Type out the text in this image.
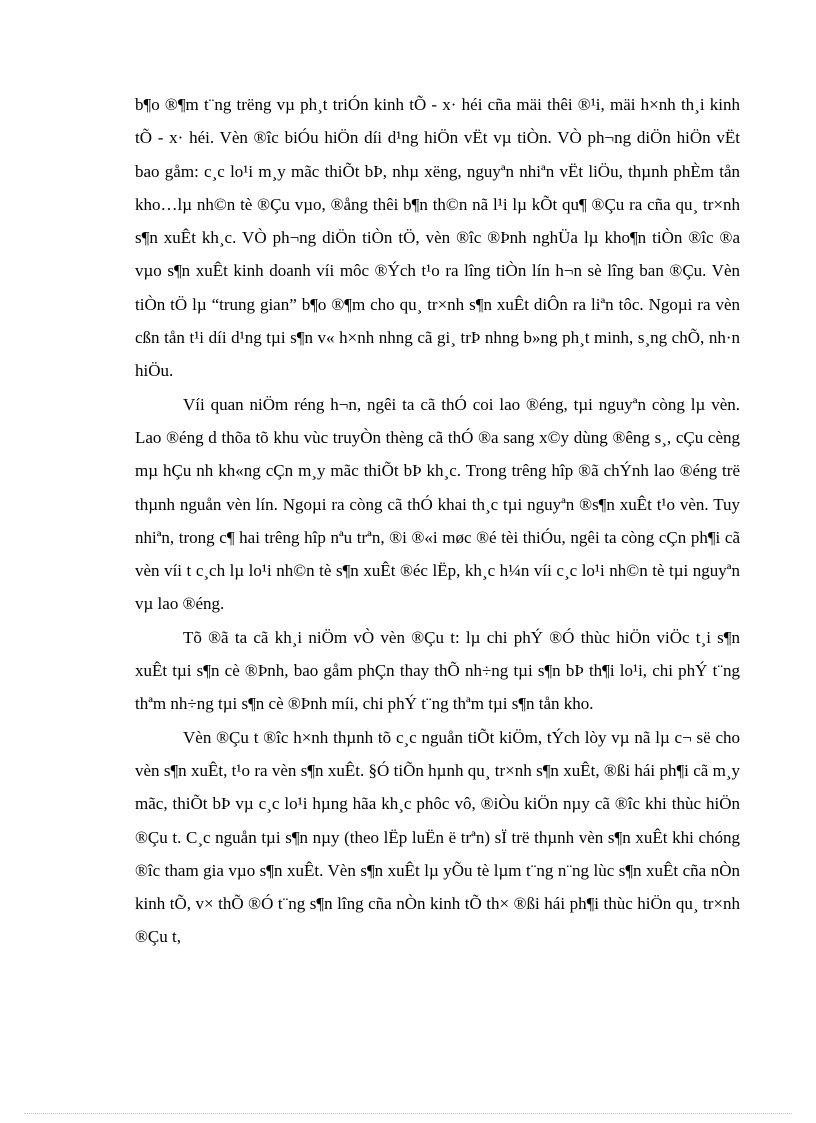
b¶o ®¶m t¨ng trëng vµ ph¸t triÓn kinh tÕ - x· héi cña mäi thêi ®¹i, mäi h×nh th¸i kinh tÕ - x· héi. Vèn ®îc biÓu hiÖn díi d¹ng hiÖn vËt vµ tiÒn. VÒ ph¬ng diÖn hiÖn vËt bao gåm: c¸c lo¹i m¸y mãc thiÕt bÞ, nhµ xëng, nguyªn nhiªn vËt liÖu, thµnh phÈm tån kho…lµ nh©n tè ®Çu vµo, ®ång thêi b¶n th©n nã l¹i lµ kÕt qu¶ ®Çu ra cña qu¸ tr×nh s¶n xuÊt kh¸c. VÒ ph¬ng diÖn tiÒn tÖ, vèn ®îc ®Þnh nghÜa lµ kho¶n tiÒn ®îc ®a vµo s¶n xuÊt kinh doanh víi môc ®Ých t¹o ra lîng tiÒn lín h¬n sè lîng ban ®Çu. Vèn tiÒn tÖ lµ “trung gian” b¶o ®¶m cho qu¸ tr×nh s¶n xuÊt diÔn ra liªn tôc. Ngoµi ra vèn cßn tån t¹i díi d¹ng tµi s¶n v« h×nh nhng cã gi¸ trÞ nhng b»ng ph¸t minh, s¸ng chÕ, nh·n hiÖu.

Víi quan niÖm réng h¬n, ngêi ta cã thÓ coi lao ®éng, tµi nguyªn còng lµ vèn. Lao ®éng d thõa tõ khu vùc truyÒn thèng cã thÓ ®a sang x©y dùng ®êng s¸, cÇu cèng mµ hÇu nh kh«ng cÇn m¸y mãc thiÕt bÞ kh¸c. Trong trêng hîp ®ã chÝnh lao ®éng trë thµnh nguån vèn lín. Ngoµi ra còng cã thÓ khai th¸c tµi nguyªn ®s¶n xuÊt t¹o vèn. Tuy nhiªn, trong c¶ hai trêng hîp nªu trªn, ®i ®«i møc ®é tèi thiÓu, ngêi ta còng cÇn ph¶i cã vèn víi t c¸ch lµ lo¹i nh©n tè s¶n xuÊt ®éc lËp, kh¸c h¼n víi c¸c lo¹i nh©n tè tµi nguyªn vµ lao ®éng.

Tõ ®ã ta cã kh¸i niÖm vÒ vèn ®Çu t: lµ chi phÝ ®Ó thùc hiÖn viÖc t¸i s¶n xuÊt tµi s¶n cè ®Þnh, bao gåm phÇn thay thÕ nh÷ng tµi s¶n bÞ th¶i lo¹i, chi phÝ t¨ng thªm nh÷ng tµi s¶n cè ®Þnh míi, chi phÝ t¨ng thªm tµi s¶n tån kho.

Vèn ®Çu t ®îc h×nh thµnh tõ c¸c nguån tiÕt kiÖm, tÝch lòy vµ nã lµ c¬ së cho vèn s¶n xuÊt, t¹o ra vèn s¶n xuÊt. §Ó tiÕn hµnh qu¸ tr×nh s¶n xuÊt, ®ßi hái ph¶i cã m¸y mãc, thiÕt bÞ vµ c¸c lo¹i hµng hãa kh¸c phôc vô, ®iÒu kiÖn nµy cã ®îc khi thùc hiÖn ®Çu t. C¸c nguån tµi s¶n nµy (theo lËp luËn ë trªn) sÏ trë thµnh vèn s¶n xuÊt khi chóng ®îc tham gia vµo s¶n xuÊt. Vèn s¶n xuÊt lµ yÕu tè lµm t¨ng n¨ng lùc s¶n xuÊt cña nÒn kinh tÕ, v× thÕ ®Ó t¨ng s¶n lîng cña nÒn kinh tÕ th× ®ßi hái ph¶i thùc hiÖn qu¸ tr×nh ®Çu t,
